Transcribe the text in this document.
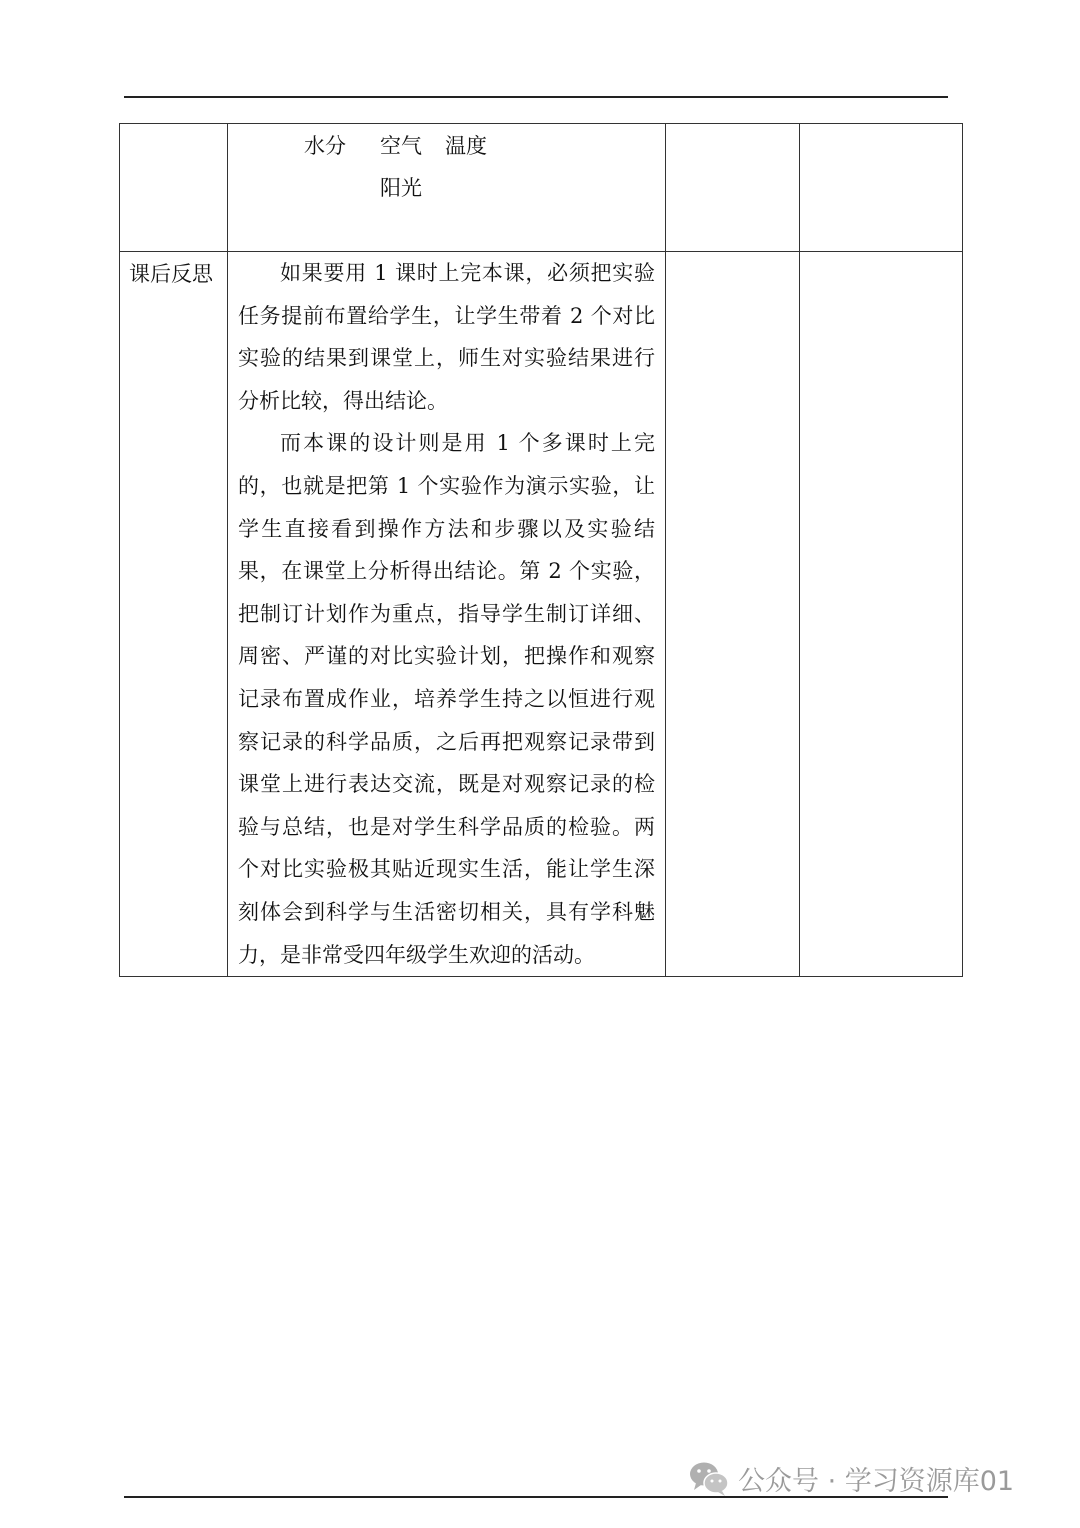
	水分 空气 温度
阳光		

课后反思	如果要用 1 课时上完本课，必须把实验任务提前布置给学生，让学生带着 2 个对比实验的结果到课堂上，师生对实验结果进行分析比较，得出结论。

而本课的设计则是用 1 个多课时上完的，也就是把第 1 个实验作为演示实验，让学生直接看到操作方法和步骤以及实验结果，在课堂上分析得出结论。第 2 个实验，把制订计划作为重点，指导学生制订详细、周密、严谨的对比实验计划，把操作和观察记录布置成作业，培养学生持之以恒进行观察记录的科学品质，之后再把观察记录带到课堂上进行表达交流，既是对观察记录的检验与总结，也是对学生科学品质的检验。两个对比实验极其贴近现实生活，能让学生深刻体会到科学与生活密切相关，具有学科魅力，是非常受四年级学生欢迎的活动。		

公众号 · 学习资源库01
